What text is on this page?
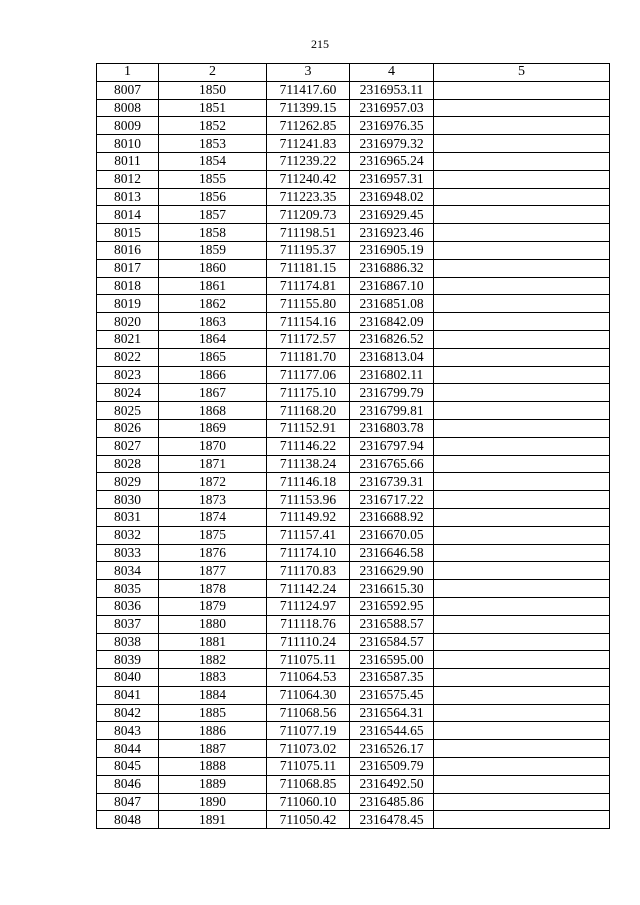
215
1	2	3	4	5
8007	1850	711417.60	2316953.11	
8008	1851	711399.15	2316957.03	
8009	1852	711262.85	2316976.35	
8010	1853	711241.83	2316979.32	
8011	1854	711239.22	2316965.24	
8012	1855	711240.42	2316957.31	
8013	1856	711223.35	2316948.02	
8014	1857	711209.73	2316929.45	
8015	1858	711198.51	2316923.46	
8016	1859	711195.37	2316905.19	
8017	1860	711181.15	2316886.32	
8018	1861	711174.81	2316867.10	
8019	1862	711155.80	2316851.08	
8020	1863	711154.16	2316842.09	
8021	1864	711172.57	2316826.52	
8022	1865	711181.70	2316813.04	
8023	1866	711177.06	2316802.11	
8024	1867	711175.10	2316799.79	
8025	1868	711168.20	2316799.81	
8026	1869	711152.91	2316803.78	
8027	1870	711146.22	2316797.94	
8028	1871	711138.24	2316765.66	
8029	1872	711146.18	2316739.31	
8030	1873	711153.96	2316717.22	
8031	1874	711149.92	2316688.92	
8032	1875	711157.41	2316670.05	
8033	1876	711174.10	2316646.58	
8034	1877	711170.83	2316629.90	
8035	1878	711142.24	2316615.30	
8036	1879	711124.97	2316592.95	
8037	1880	711118.76	2316588.57	
8038	1881	711110.24	2316584.57	
8039	1882	711075.11	2316595.00	
8040	1883	711064.53	2316587.35	
8041	1884	711064.30	2316575.45	
8042	1885	711068.56	2316564.31	
8043	1886	711077.19	2316544.65	
8044	1887	711073.02	2316526.17	
8045	1888	711075.11	2316509.79	
8046	1889	711068.85	2316492.50	
8047	1890	711060.10	2316485.86	
8048	1891	711050.42	2316478.45	
